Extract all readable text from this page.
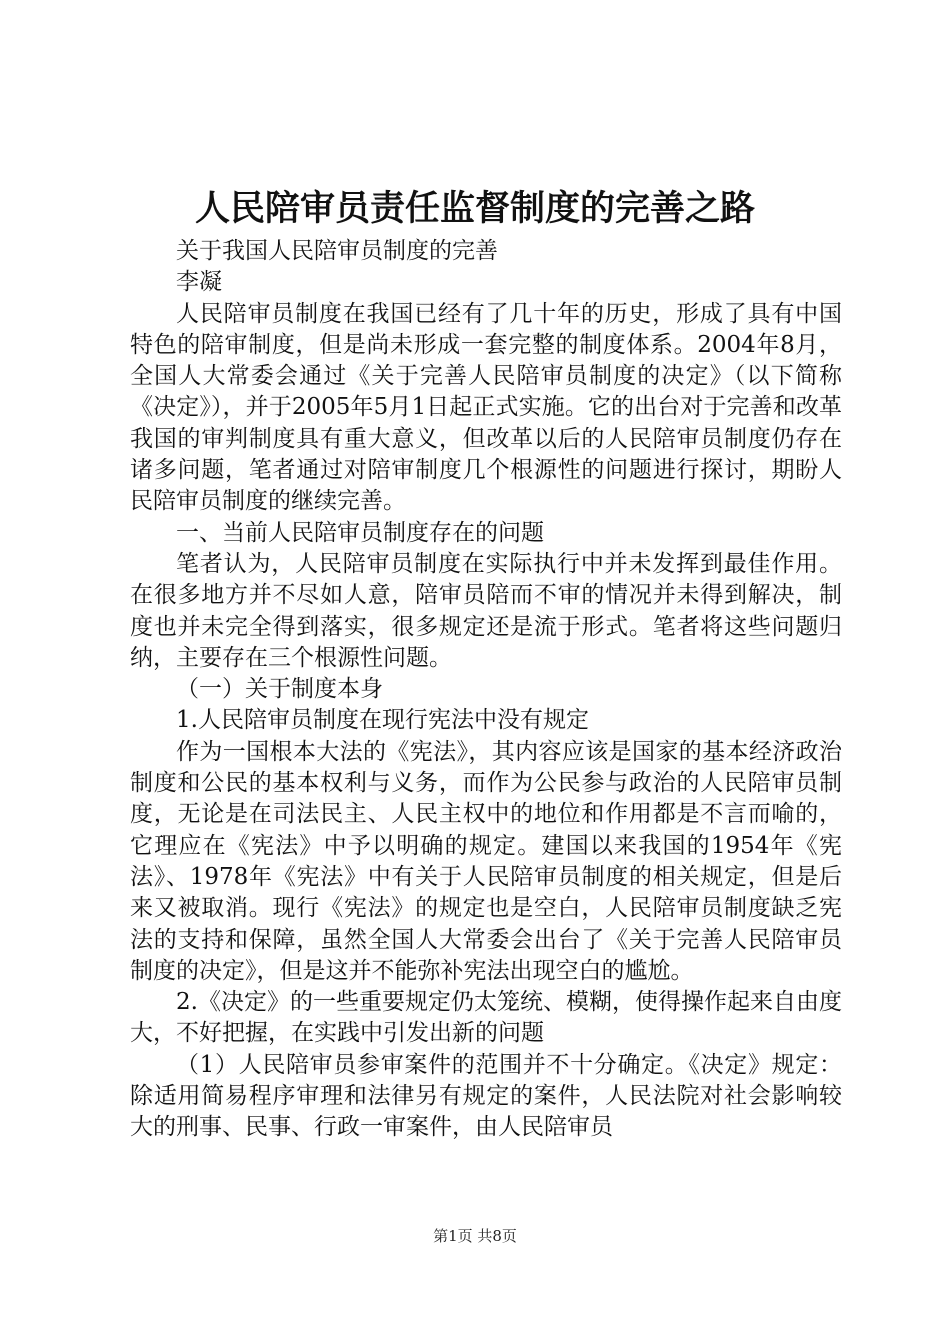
人民陪审员责任监督制度的完善之路

关于我国人民陪审员制度的完善

李凝

人民陪审员制度在我国已经有了几十年的历史，形成了具有中国特色的陪审制度，但是尚未形成一套完整的制度体系。2004年8月，全国人大常委会通过《关于完善人民陪审员制度的决定》（以下简称《决定》），并于2005年5月1日起正式实施。它的出台对于完善和改革我国的审判制度具有重大意义，但改革以后的人民陪审员制度仍存在诸多问题，笔者通过对陪审制度几个根源性的问题进行探讨，期盼人民陪审员制度的继续完善。

一、当前人民陪审员制度存在的问题

笔者认为，人民陪审员制度在实际执行中并未发挥到最佳作用。在很多地方并不尽如人意，陪审员陪而不审的情况并未得到解决，制度也并未完全得到落实，很多规定还是流于形式。笔者将这些问题归纳，主要存在三个根源性问题。

（一）关于制度本身

1.人民陪审员制度在现行宪法中没有规定

作为一国根本大法的《宪法》，其内容应该是国家的基本经济政治制度和公民的基本权利与义务，而作为公民参与政治的人民陪审员制度，无论是在司法民主、人民主权中的地位和作用都是不言而喻的，它理应在《宪法》中予以明确的规定。建国以来我国的1954年《宪法》、1978年《宪法》中有关于人民陪审员制度的相关规定，但是后来又被取消。现行《宪法》的规定也是空白，人民陪审员制度缺乏宪法的支持和保障，虽然全国人大常委会出台了《关于完善人民陪审员制度的决定》，但是这并不能弥补宪法出现空白的尴尬。

2.《决定》的一些重要规定仍太笼统、模糊，使得操作起来自由度大，不好把握，在实践中引发出新的问题

（1）人民陪审员参审案件的范围并不十分确定。《决定》规定：除适用简易程序审理和法律另有规定的案件，人民法院对社会影响较大的刑事、民事、行政一审案件，由人民陪审员

第1页 共8页
